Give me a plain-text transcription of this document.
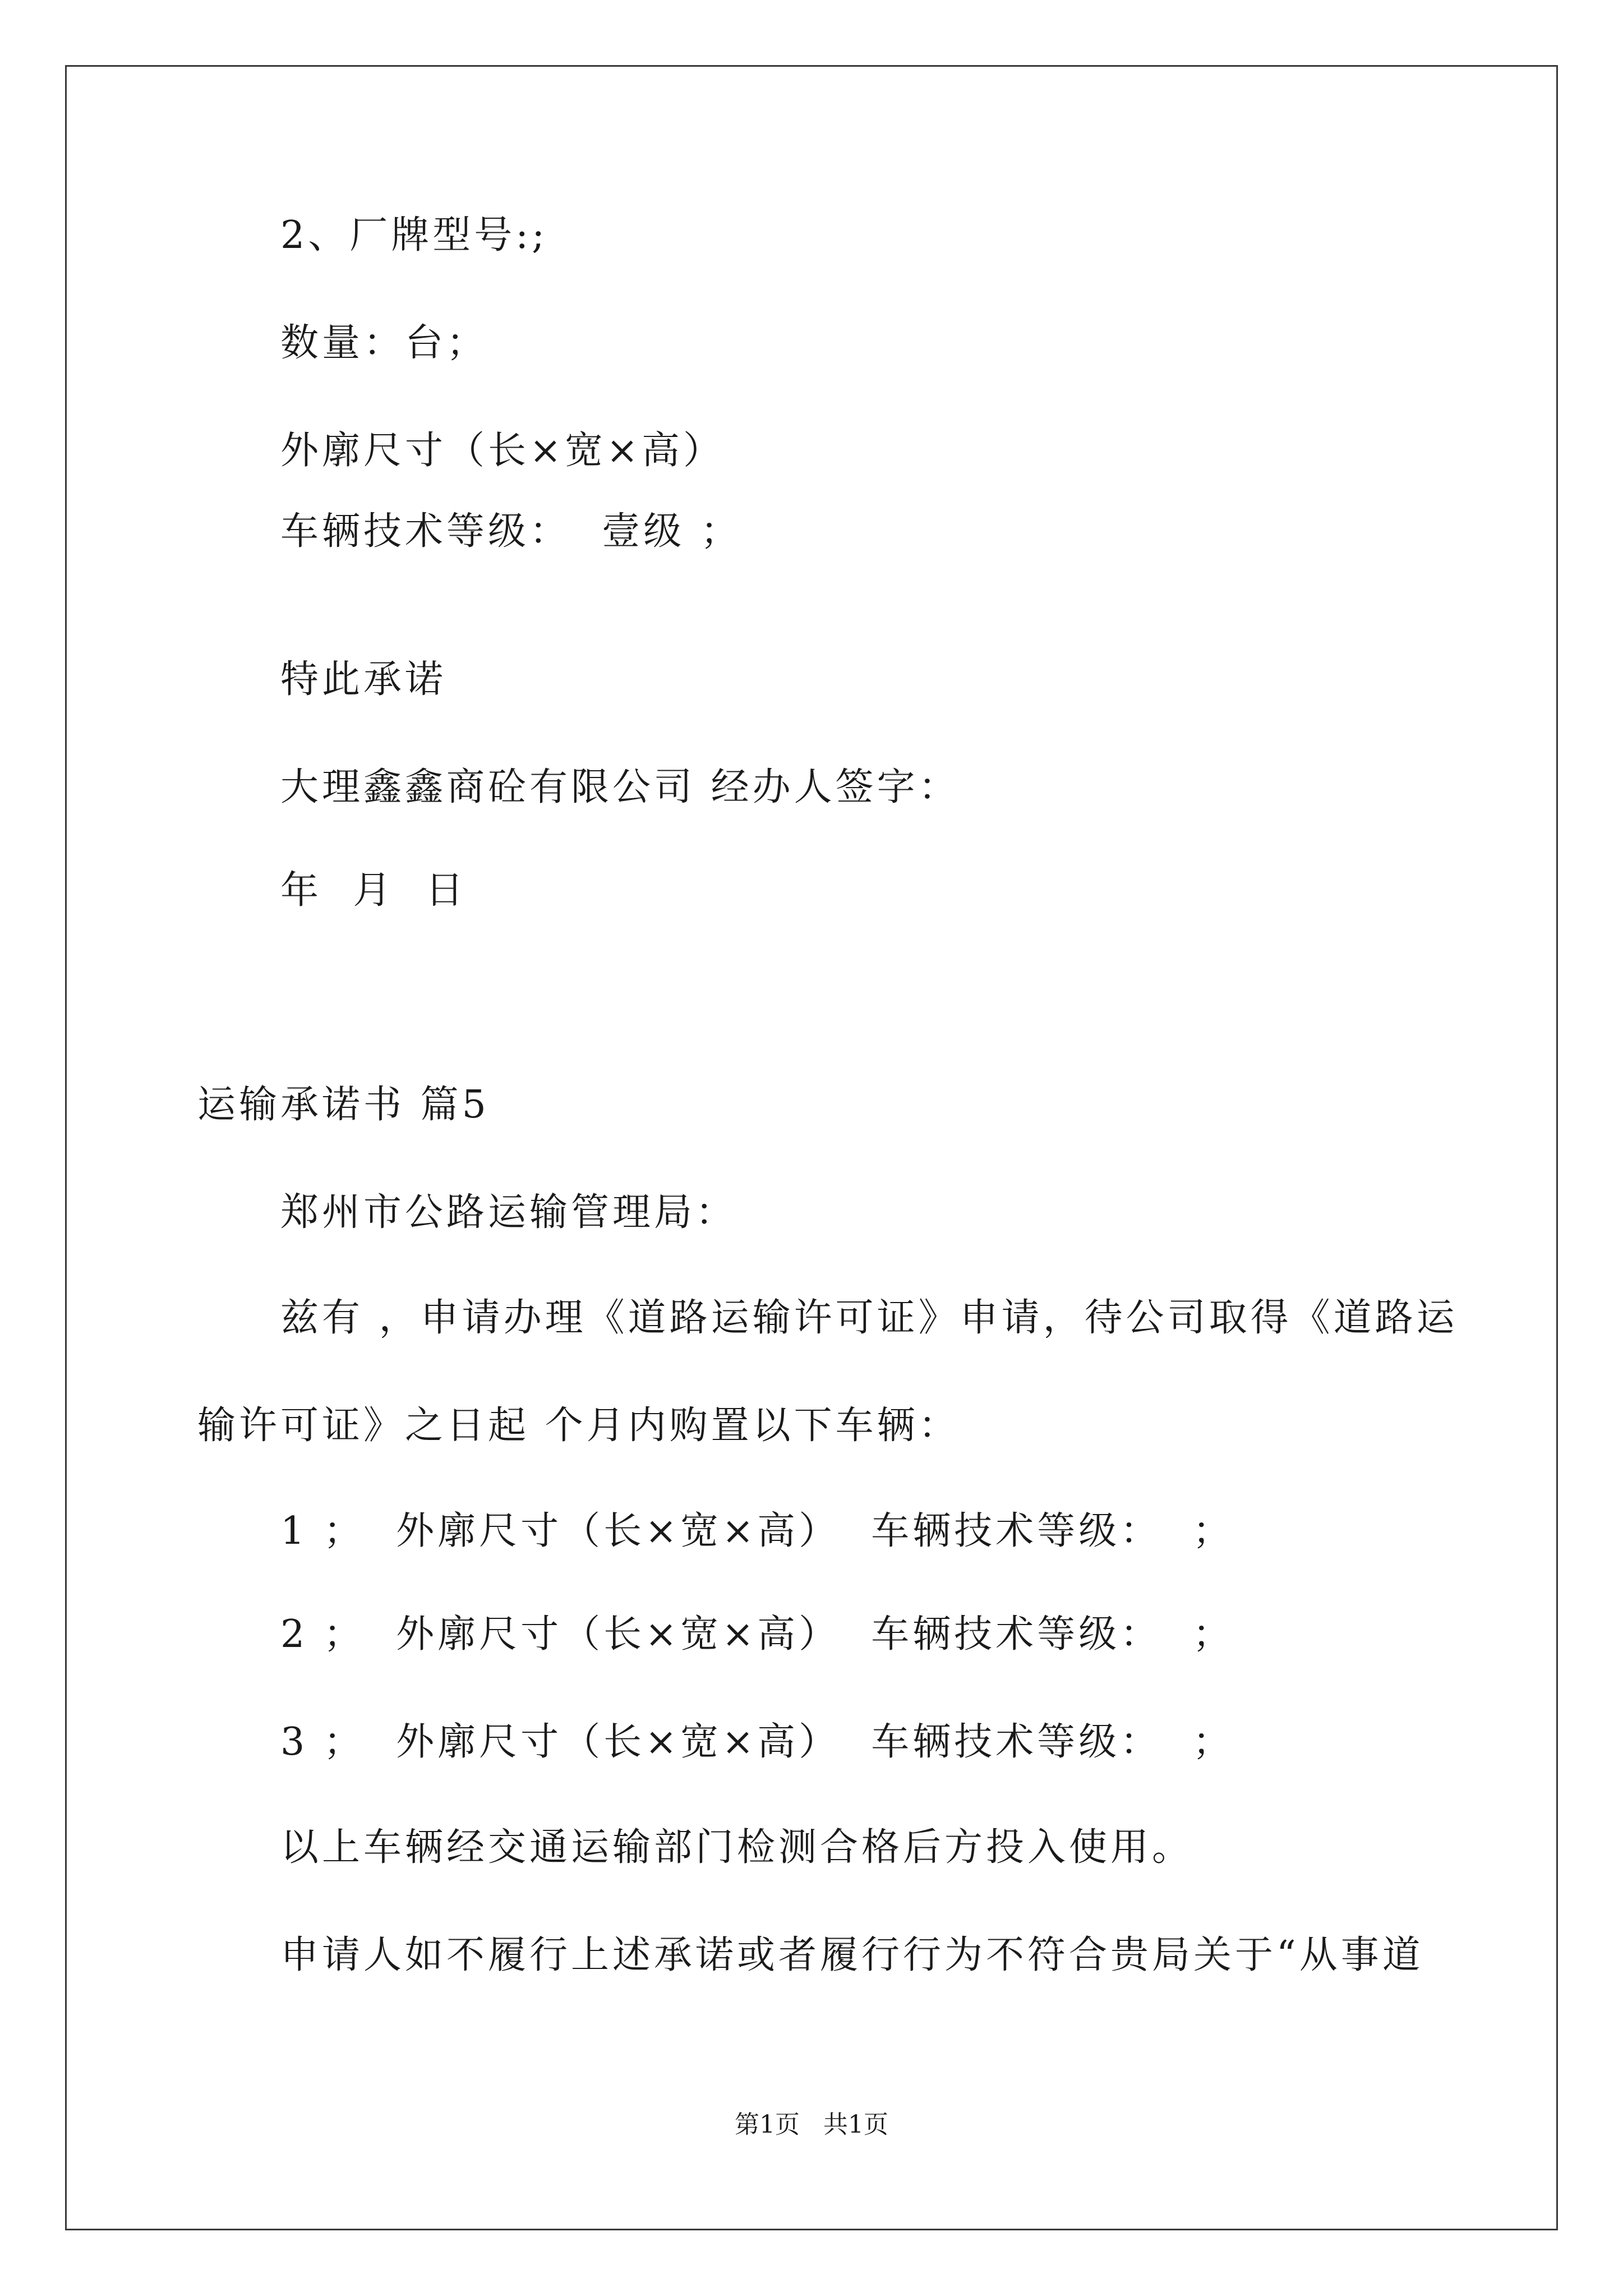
2、厂牌型号:;
数量：台；
外廓尺寸（长×宽×高）
车辆技术等级：  壹级 ；
特此承诺
大理鑫鑫商砼有限公司 经办人签字：
年  月  日
运输承诺书 篇5
郑州市公路运输管理局：
兹有 ，申请办理《道路运输许可证》申请，待公司取得《道路运
输许可证》之日起 个月内购置以下车辆：
1 ；  外廓尺寸（长×宽×高）  车辆技术等级：  ；
2 ；  外廓尺寸（长×宽×高）  车辆技术等级：  ；
3 ；  外廓尺寸（长×宽×高）  车辆技术等级：  ；
以上车辆经交通运输部门检测合格后方投入使用。
申请人如不履行上述承诺或者履行行为不符合贵局关于“从事道
第1页   共1页
